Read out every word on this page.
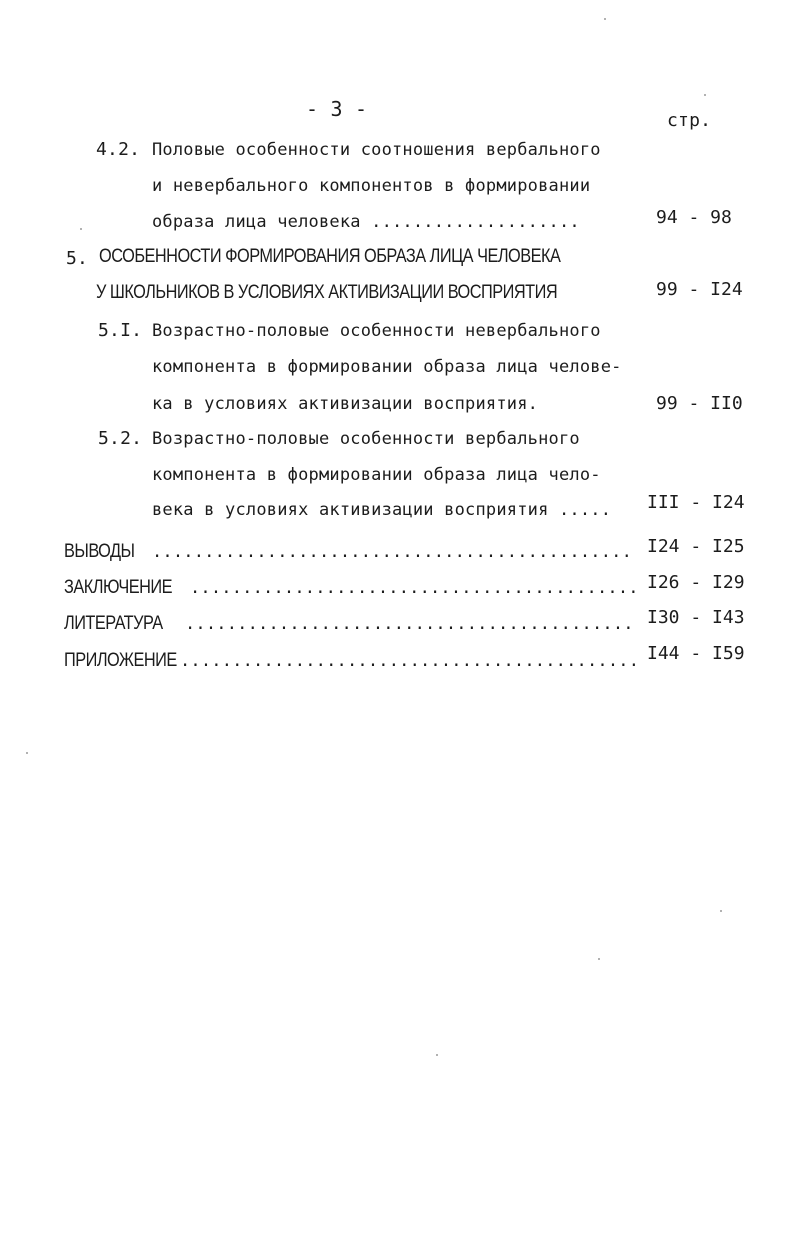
- 3 -	стр.
4.2. Половые особенности соотношения вербального
и невербального компонентов в формировании
образа лица человека ....................	94 - 98
5. ОСОБЕННОСТИ ФОРМИРОВАНИЯ ОБРАЗА ЛИЦА ЧЕЛОВЕКА
У ШКОЛЬНИКОВ В УСЛОВИЯХ АКТИВИЗАЦИИ ВОСПРИЯТИЯ	99 - I24
5.I. Возрастно-половые особенности невербального
компонента в формировании образа лица челове-
ка в условиях активизации восприятия.	99 - II0
5.2. Возрастно-половые особенности вербального
компонента в формировании образа лица чело-
века в условиях активизации восприятия ..... III - I24
ВЫВОДЫ .............................................. I24 - I25
ЗАКЛЮЧЕНИЕ ........................................... I26 - I29
ЛИТЕРАТУРА ........................................... I30 - I43
ПРИЛОЖЕНИЕ ............................................ I44 - I59
